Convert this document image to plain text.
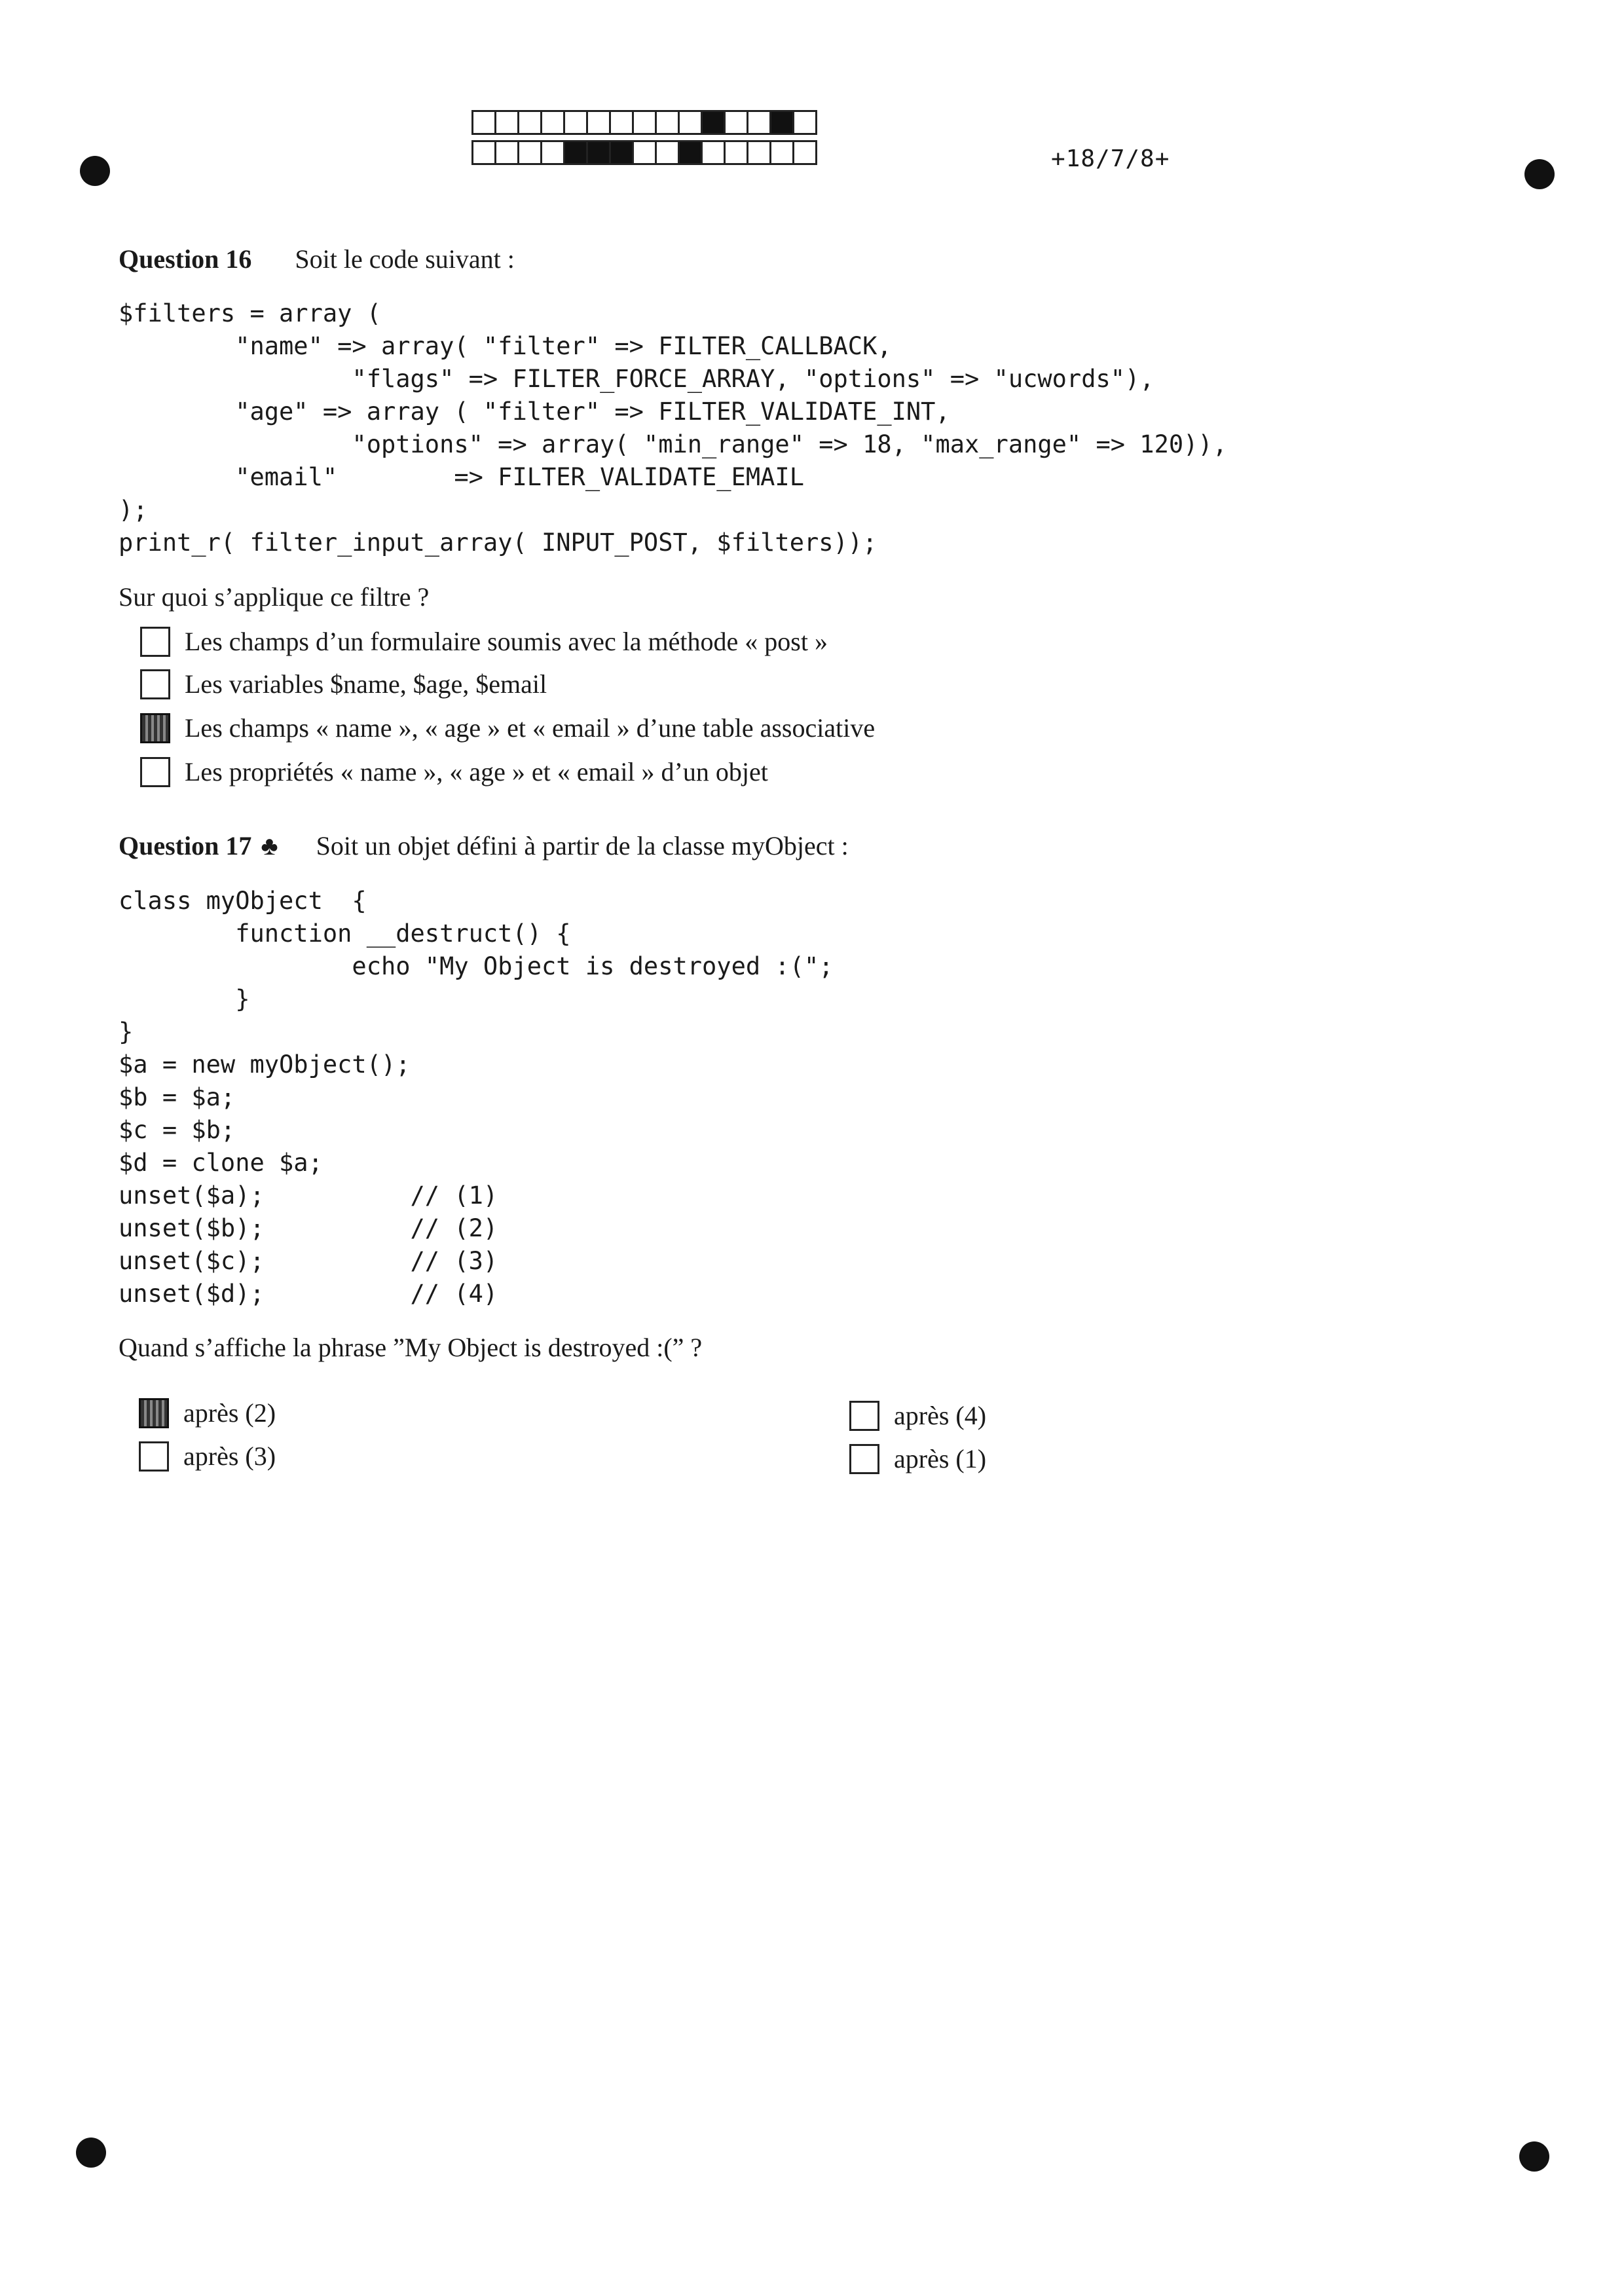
+18/7/8+
Question 16 Soit le code suivant :
$filters = array (
"name" => array( "filter" => FILTER_CALLBACK,
"flags" => FILTER_FORCE_ARRAY, "options" => "ucwords"),
"age" => array ( "filter" => FILTER_VALIDATE_INT,
"options" => array( "min_range" => 18, "max_range" => 120)),
"email"        => FILTER_VALIDATE_EMAIL
);
print_r( filter_input_array( INPUT_POST, $filters));
Sur quoi s’applique ce filtre ?
Les champs d’un formulaire soumis avec la méthode « post »
Les variables $name, $age, $email
Les champs « name », « age » et « email » d’une table associative
Les propriétés « name », « age » et « email » d’un objet
Question 17 ♣ Soit un objet défini à partir de la classe myObject :
class myObject  {
function __destruct() {
echo "My Object is destroyed :(";
}
}
$a = new myObject();
$b = $a;
$c = $b;
$d = clone $a;
unset($a);          // (1)
unset($b);          // (2)
unset($c);          // (3)
unset($d);          // (4)
Quand s’affiche la phrase ”My Object is destroyed :(” ?
après (2)
après (3)
après (4)
après (1)
